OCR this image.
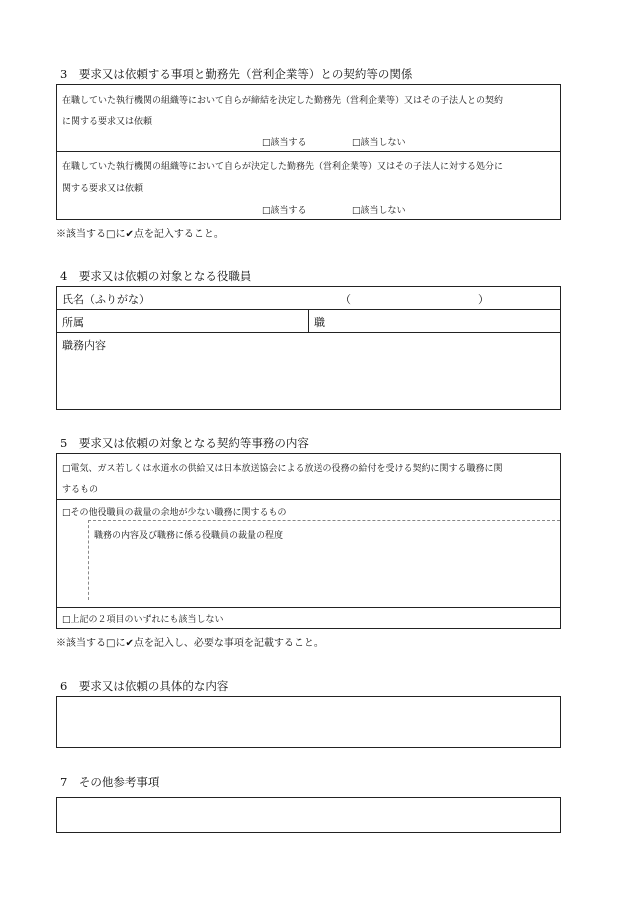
3　要求又は依頼する事項と勤務先（営利企業等）との契約等の関係
在職していた執行機関の組織等において自らが締結を決定した勤務先（営利企業等）又はその子法人との契約
に関する要求又は依頼
□該当する	□該当しない
在職していた執行機関の組織等において自らが決定した勤務先（営利企業等）又はその子法人に対する処分に
関する要求又は依頼
□該当する	□該当しない
※該当する□に✔点を記入すること。
4　要求又は依頼の対象となる役職員
氏名（ふりがな）	（	）
所属	職
職務内容
5　要求又は依頼の対象となる契約等事務の内容
□電気、ガス若しくは水道水の供給又は日本放送協会による放送の役務の給付を受ける契約に関する職務に関
するもの
□その他役職員の裁量の余地が少ない職務に関するもの
職務の内容及び職務に係る役職員の裁量の程度
□上記の２項目のいずれにも該当しない
※該当する□に✔点を記入し、必要な事項を記載すること。
6　要求又は依頼の具体的な内容
7　その他参考事項
